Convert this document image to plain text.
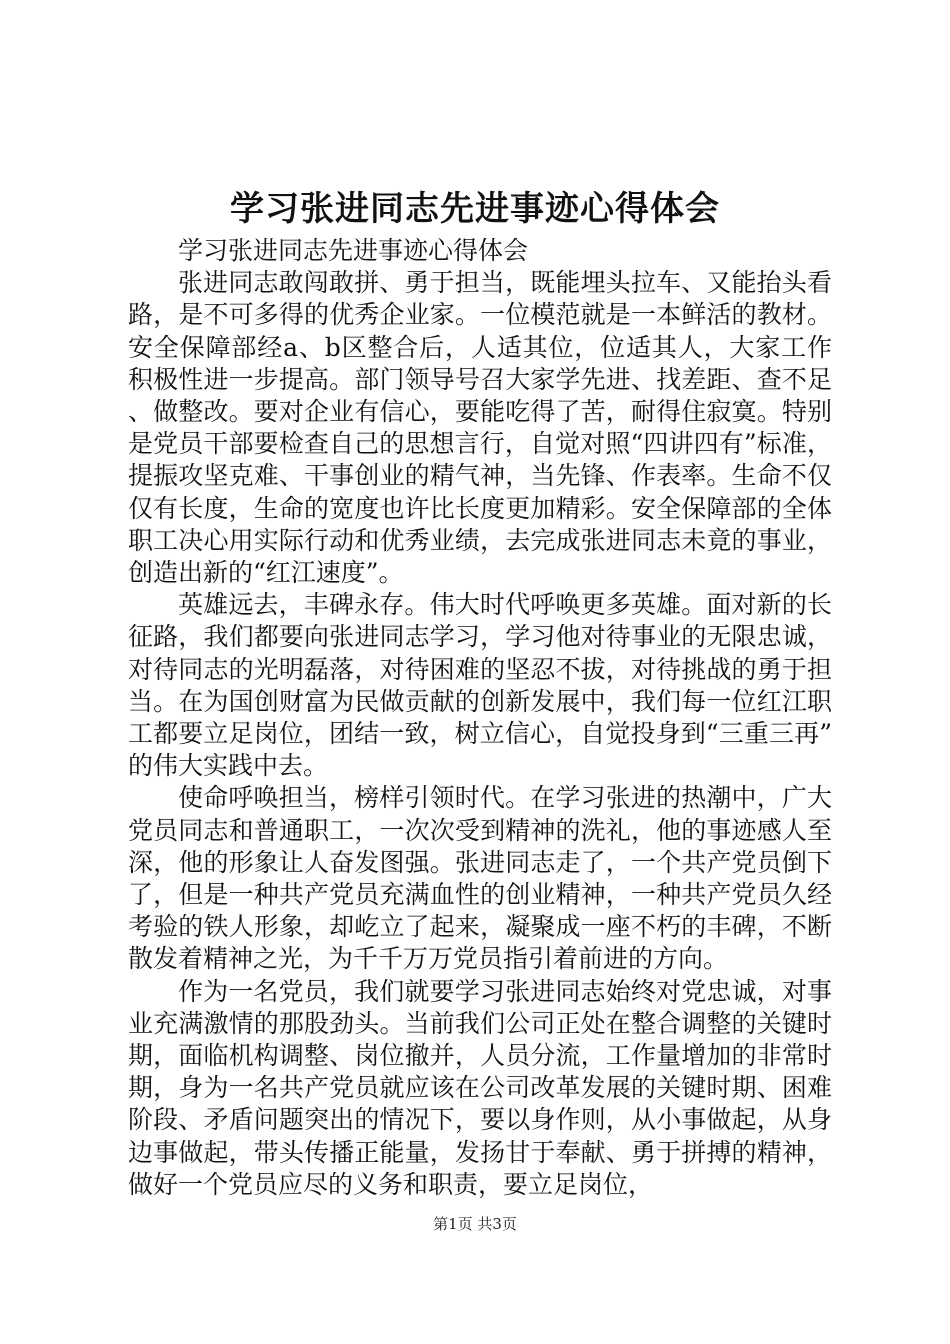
学习张进同志先进事迹心得体会

学习张进同志先进事迹心得体会

张进同志敢闯敢拼、勇于担当，既能埋头拉车、又能抬头看路，是不可多得的优秀企业家。一位模范就是一本鲜活的教材。安全保障部经a、b区整合后，人适其位，位适其人，大家工作积极性进一步提高。部门领导号召大家学先进、找差距、查不足、做整改。要对企业有信心，要能吃得了苦，耐得住寂寞。特别是党员干部要检查自己的思想言行，自觉对照“四讲四有”标准，提振攻坚克难、干事创业的精气神，当先锋、作表率。生命不仅仅有长度，生命的宽度也许比长度更加精彩。安全保障部的全体职工决心用实际行动和优秀业绩，去完成张进同志未竟的事业，创造出新的“红江速度”。

英雄远去，丰碑永存。伟大时代呼唤更多英雄。面对新的长征路，我们都要向张进同志学习，学习他对待事业的无限忠诚，对待同志的光明磊落，对待困难的坚忍不拔，对待挑战的勇于担当。在为国创财富为民做贡献的创新发展中，我们每一位红江职工都要立足岗位，团结一致，树立信心，自觉投身到“三重三再”的伟大实践中去。

使命呼唤担当，榜样引领时代。在学习张进的热潮中，广大党员同志和普通职工，一次次受到精神的洗礼，他的事迹感人至深，他的形象让人奋发图强。张进同志走了，一个共产党员倒下了，但是一种共产党员充满血性的创业精神，一种共产党员久经考验的铁人形象，却屹立了起来，凝聚成一座不朽的丰碑，不断散发着精神之光，为千千万万党员指引着前进的方向。

作为一名党员，我们就要学习张进同志始终对党忠诚，对事业充满激情的那股劲头。当前我们公司正处在整合调整的关键时期，面临机构调整、岗位撤并，人员分流，工作量增加的非常时期，身为一名共产党员就应该在公司改革发展的关键时期、困难阶段、矛盾问题突出的情况下，要以身作则，从小事做起，从身边事做起，带头传播正能量，发扬甘于奉献、勇于拼搏的精神，做好一个党员应尽的义务和职责，要立足岗位，

第1页 共3页
